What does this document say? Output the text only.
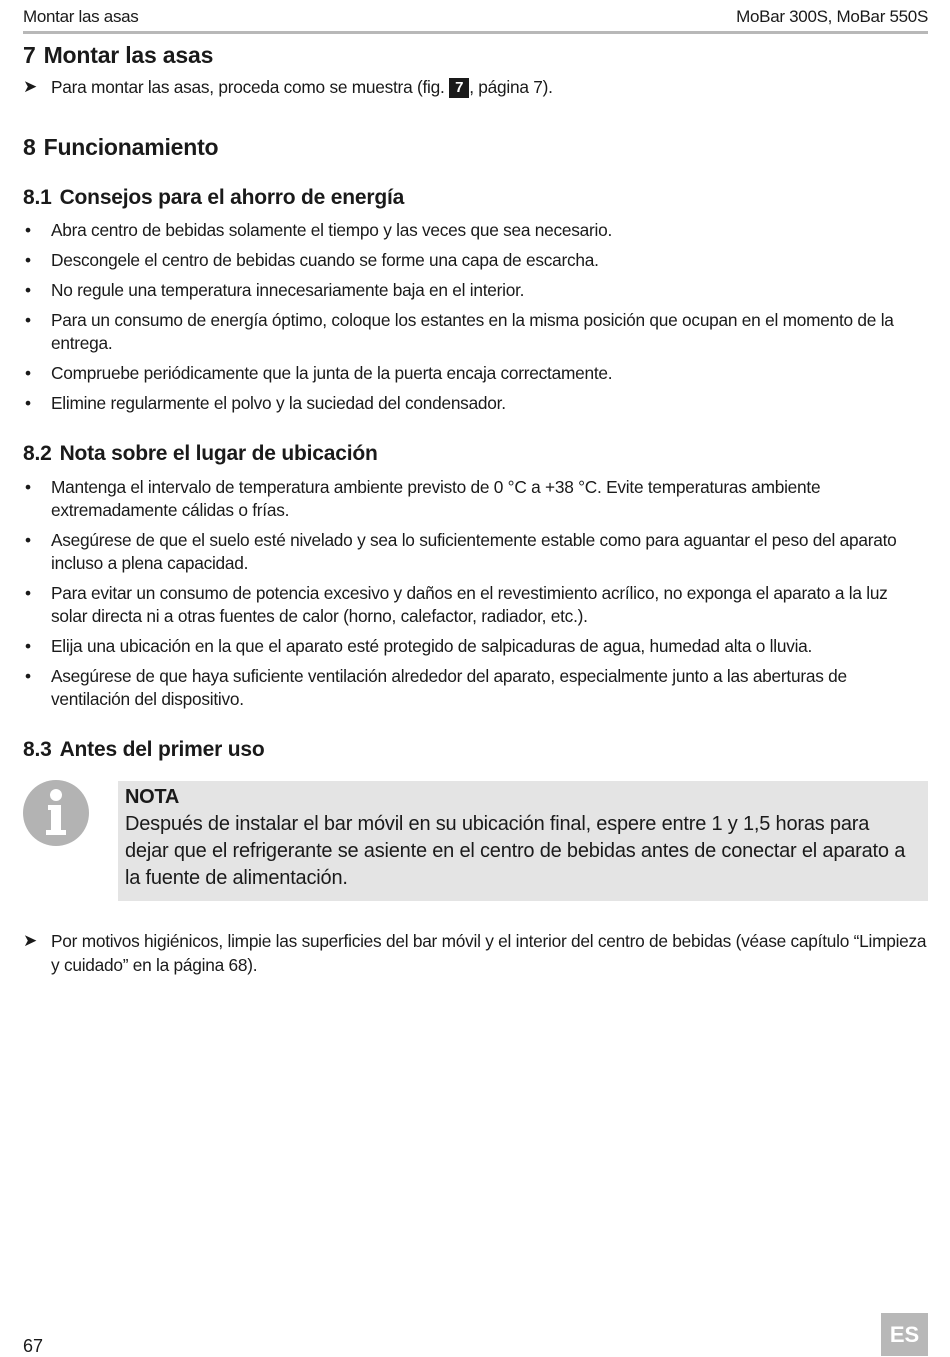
Montar las asas	MoBar 300S, MoBar 550S
7 Montar las asas
➤ Para montar las asas, proceda como se muestra (fig. 7 , página 7).
8 Funcionamiento
8.1 Consejos para el ahorro de energía
• Abra centro de bebidas solamente el tiempo y las veces que sea necesario.
• Descongele el centro de bebidas cuando se forme una capa de escarcha.
• No regule una temperatura innecesariamente baja en el interior.
• Para un consumo de energía óptimo, coloque los estantes en la misma posición que ocupan en el momento de la entrega.
• Compruebe periódicamente que la junta de la puerta encaja correctamente.
• Elimine regularmente el polvo y la suciedad del condensador.
8.2 Nota sobre el lugar de ubicación
• Mantenga el intervalo de temperatura ambiente previsto de 0 °C a +38 °C. Evite temperaturas ambiente extremadamente cálidas o frías.
• Asegúrese de que el suelo esté nivelado y sea lo suficientemente estable como para aguantar el peso del aparato incluso a plena capacidad.
• Para evitar un consumo de potencia excesivo y daños en el revestimiento acrílico, no exponga el aparato a la luz solar directa ni a otras fuentes de calor (horno, calefactor, radiador, etc.).
• Elija una ubicación en la que el aparato esté protegido de salpicaduras de agua, humedad alta o lluvia.
• Asegúrese de que haya suficiente ventilación alrededor del aparato, especialmente junto a las aberturas de ventilación del dispositivo.
8.3 Antes del primer uso
NOTA
Después de instalar el bar móvil en su ubicación final, espere entre 1 y 1,5 horas para dejar que el refrigerante se asiente en el centro de bebidas antes de conectar el aparato a la fuente de alimentación.
➤ Por motivos higiénicos, limpie las superficies del bar móvil y el interior del centro de bebidas (véase capítulo “Limpieza y cuidado” en la página 68).
67	ES
